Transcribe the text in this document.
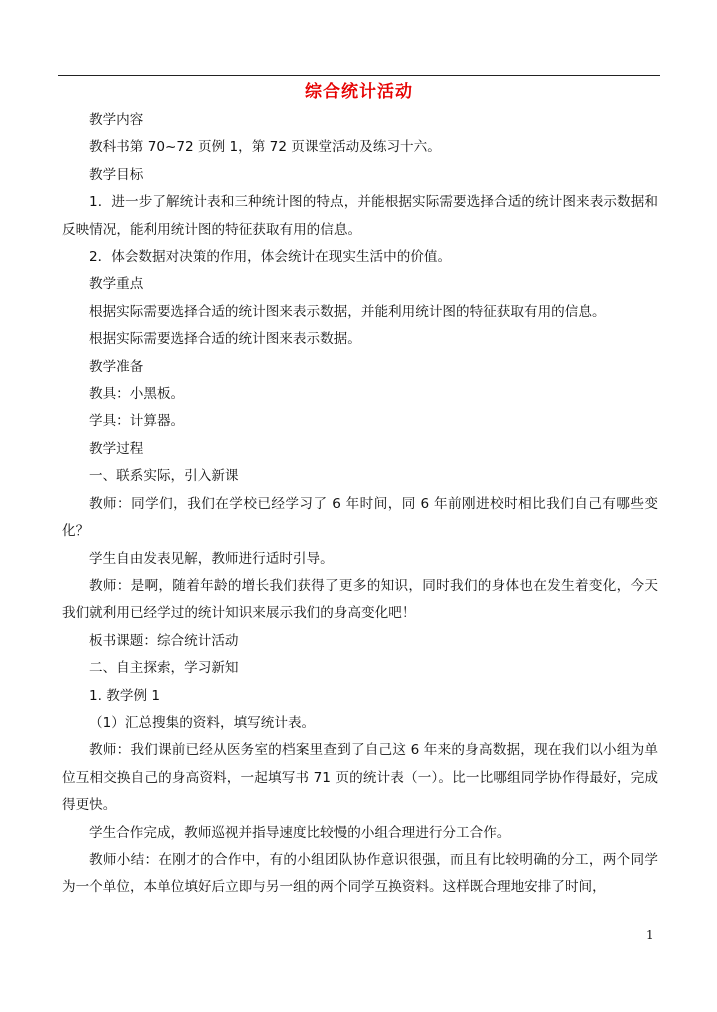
综合统计活动

教学内容

教科书第 70~72 页例 1，第 72 页课堂活动及练习十六。

教学目标

1．进一步了解统计表和三种统计图的特点，并能根据实际需要选择合适的统计图来表示数据和反映情况，能利用统计图的特征获取有用的信息。

2．体会数据对决策的作用，体会统计在现实生活中的价值。

教学重点

根据实际需要选择合适的统计图来表示数据，并能利用统计图的特征获取有用的信息。

根据实际需要选择合适的统计图来表示数据。

教学准备

教具：小黑板。

学具：计算器。

教学过程

一、联系实际，引入新课

教师：同学们，我们在学校已经学习了 6 年时间，同 6 年前刚进校时相比我们自己有哪些变化？

学生自由发表见解，教师进行适时引导。

教师：是啊，随着年龄的增长我们获得了更多的知识，同时我们的身体也在发生着变化，今天我们就利用已经学过的统计知识来展示我们的身高变化吧！

板书课题：综合统计活动

二、自主探索，学习新知

1. 教学例 1

（1）汇总搜集的资料，填写统计表。

教师：我们课前已经从医务室的档案里查到了自己这 6 年来的身高数据，现在我们以小组为单位互相交换自己的身高资料，一起填写书 71 页的统计表（一）。比一比哪组同学协作得最好，完成得更快。

学生合作完成，教师巡视并指导速度比较慢的小组合理进行分工合作。

教师小结：在刚才的合作中，有的小组团队协作意识很强，而且有比较明确的分工，两个同学为一个单位，本单位填好后立即与另一组的两个同学互换资料。这样既合理地安排了时间，

1
